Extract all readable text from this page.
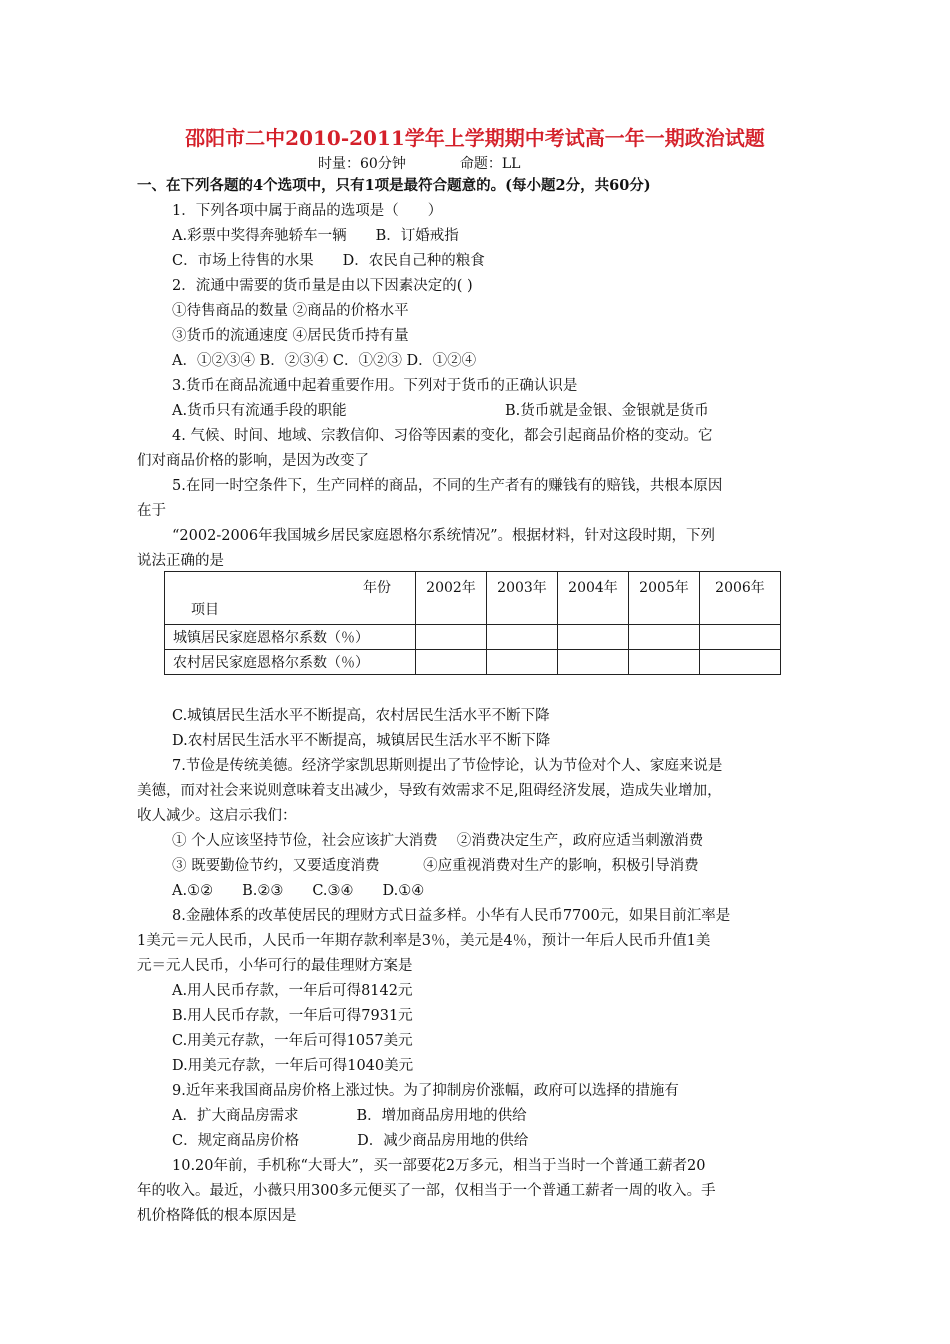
邵阳市二中2010-2011学年上学期期中考试高一年一期政治试题
时量：60分钟	命题：LL
一、在下列各题的4个选项中，只有1项是最符合题意的。(每小题2分，共60分)
1．下列各项中属于商品的选项是（　　）
A.彩票中奖得奔驰轿车一辆　　B．订婚戒指
C．市场上待售的水果　　D．农民自己种的粮食
2．流通中需要的货币量是由以下因素决定的( )
①待售商品的数量 ②商品的价格水平
③货币的流通速度 ④居民货币持有量
A．①②③④ B．②③④ C．①②③ D．①②④
3.货币在商品流通中起着重要作用。下列对于货币的正确认识是
A.货币只有流通手段的职能	B.货币就是金银、金银就是货币
4. 气候、时间、地域、宗教信仰、习俗等因素的变化，都会引起商品价格的变动。它
们对商品价格的影响，是因为改变了
5.在同一时空条件下，生产同样的商品，不同的生产者有的赚钱有的赔钱，共根本原因
在于
“2002-2006年我国城乡居民家庭恩格尔系统情况”。根据材料，针对这段时期，下列
说法正确的是
年份
项目	2002年	2003年	2004年	2005年	2006年
城镇居民家庭恩格尔系数（％）					
农村居民家庭恩格尔系数（％）					
C.城镇居民生活水平不断提高，农村居民生活水平不断下降
D.农村居民生活水平不断提高，城镇居民生活水平不断下降
7.节俭是传统美德。经济学家凯思斯则提出了节俭悖论，认为节俭对个人、家庭来说是
美德，而对社会来说则意味着支出减少，导致有效需求不足,阻碍经济发展，造成失业增加，
收人减少。这启示我们：
① 个人应该坚持节俭，社会应该扩大消费　 ②消费决定生产，政府应适当刺激消费
③ 既要勤俭节约，又要适度消费　　　④应重视消费对生产的影响，积极引导消费
A.①②　　B.②③　　C.③④　　D.①④
8.金融体系的改革使居民的理财方式日益多样。小华有人民币7700元，如果目前汇率是
1美元＝元人民币，人民币一年期存款利率是3％，美元是4％，预计一年后人民币升值1美
元＝元人民币，小华可行的最佳理财方案是
A.用人民币存款，一年后可得8142元
B.用人民币存款，一年后可得7931元
C.用美元存款，一年后可得1057美元
D.用美元存款，一年后可得1040美元
9.近年来我国商品房价格上涨过快。为了抑制房价涨幅，政府可以选择的措施有
A．扩大商品房需求　　　　B．增加商品房用地的供给
C．规定商品房价格　　　　D．减少商品房用地的供给
10.20年前，手机称“大哥大”，买一部要花2万多元，相当于当时一个普通工薪者20
年的收入。最近，小薇只用300多元便买了一部，仅相当于一个普通工薪者一周的收入。手
机价格降低的根本原因是
